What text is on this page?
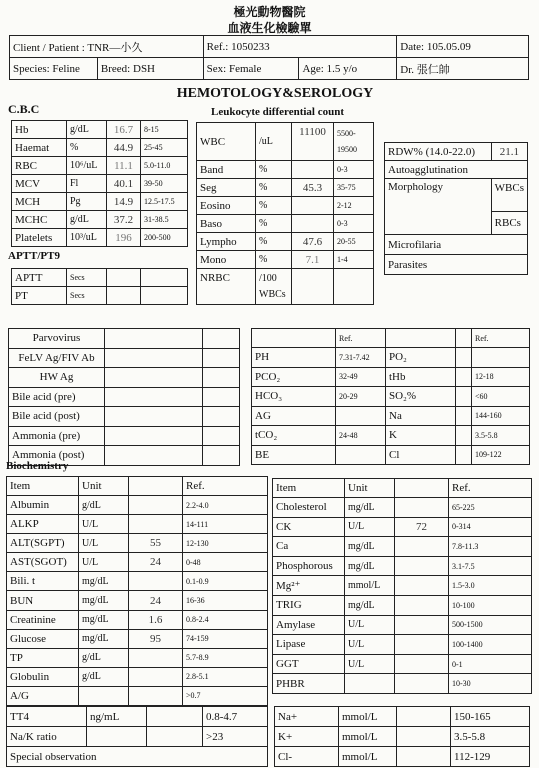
極光動物醫院
血液生化檢驗單
Client / Patient : TNR—小久		Ref.: 1050233		Date: 105.05.09
Species: Feline	Breed: DSH	Sex: Female	Age: 1.5 y/o	Dr. 張仁帥
HEMOTOLOGY&SEROLOGY
C.B.C
Hb	g/dL	16.7	8-15
Haemat	%	44.9	25-45
RBC	10⁶/uL	11.1	5.0-11.0
MCV	Fl	40.1	39-50
MCH	Pg	14.9	12.5-17.5
MCHC	g/dL	37.2	31-38.5
Platelets	10³/uL	196	200-500
Leukocyte differential count
WBC	/uL	11100	5500-
19500

Band	%		0-3
Seg	%	45.3	35-75
Eosino	%		2-12
Baso	%		0-3
Lympho	%	47.6	20-55
Mono	%	7.1	1-4
NRBC	/100
WBCs		

RDW% (14.0-22.0)	21.1
Autoagglutination	
Morphology	WBCs
RBCs

Microfilaria	
Parasites	
APTT/PT9
APTT	Secs		
PT	Secs		
Parvovirus		
FeLV Ag/FIV Ab		
HW Ag		
Bile acid (pre)		
Bile acid (post)		
Ammonia (pre)		
Ammonia (post)		
	Ref.			Ref.
PH	7.31-7.42	PO₂		
PCO₂	32-49	tHb		12-18
HCO₃	20-29	SO₂%		<60
AG		Na		144-160
tCO₂	24-48	K		3.5-5.8
BE		Cl		109-122
Biochemistry
Item	Unit		Ref.
Albumin	g/dL		2.2-4.0
ALKP	U/L		14-111
ALT(SGPT)	U/L	55	12-130
AST(SGOT)	U/L	24	0-48
Bili. t	mg/dL		0.1-0.9
BUN	mg/dL	24	16-36
Creatinine	mg/dL	1.6	0.8-2.4
Glucose	mg/dL	95	74-159
TP	g/dL		5.7-8.9
Globulin	g/dL		2.8-5.1
A/G			>0.7
Item	Unit		Ref.
Cholesterol	mg/dL		65-225
CK	U/L	72	0-314
Ca	mg/dL		7.8-11.3
Phosphorous	mg/dL		3.1-7.5
Mg²⁺	mmol/L		1.5-3.0
TRIG	mg/dL		10-100
Amylase	U/L		500-1500
Lipase	U/L		100-1400
GGT	U/L		0-1
PHBR			10-30
TT4	ng/mL		0.8-4.7
Na/K ratio			>23
Special observation			
Na+	mmol/L		150-165
K+	mmol/L		3.5-5.8
Cl-	mmol/L		112-129
